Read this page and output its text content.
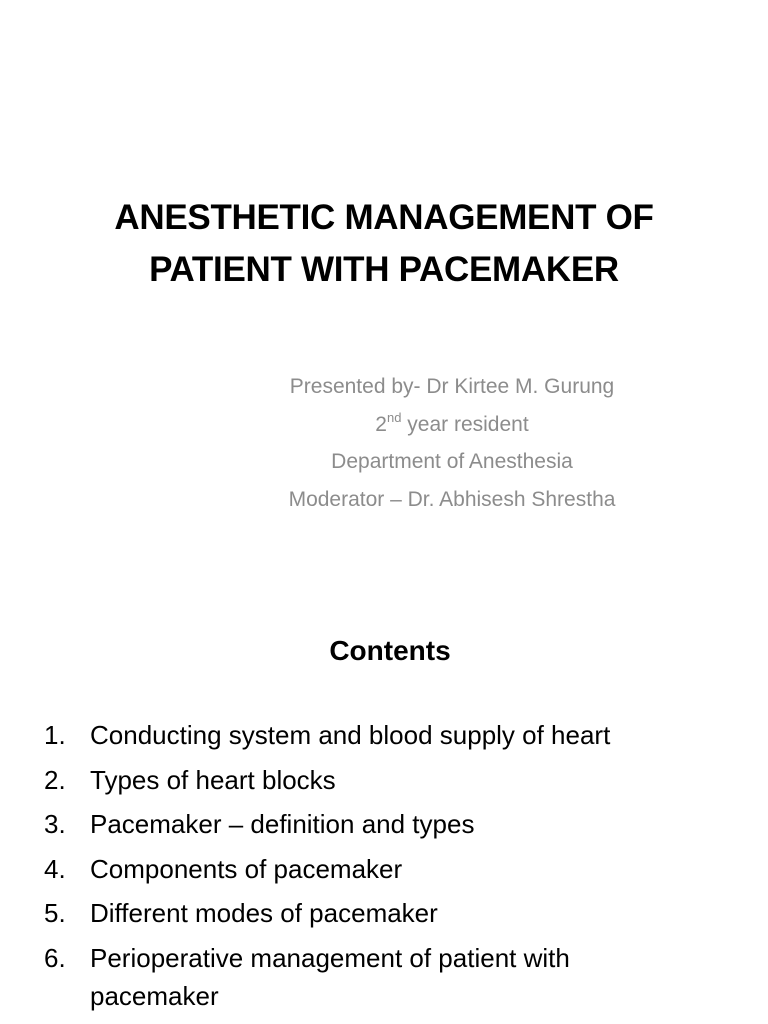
ANESTHETIC MANAGEMENT OF
PATIENT WITH PACEMAKER
Presented by- Dr Kirtee M. Gurung
2nd year resident
Department of Anesthesia
Moderator – Dr. Abhisesh Shrestha
Contents
1. Conducting system and blood supply of heart
2. Types of heart blocks
3. Pacemaker – definition and types
4. Components of pacemaker
5. Different modes of pacemaker
6. Perioperative management of patient with pacemaker
